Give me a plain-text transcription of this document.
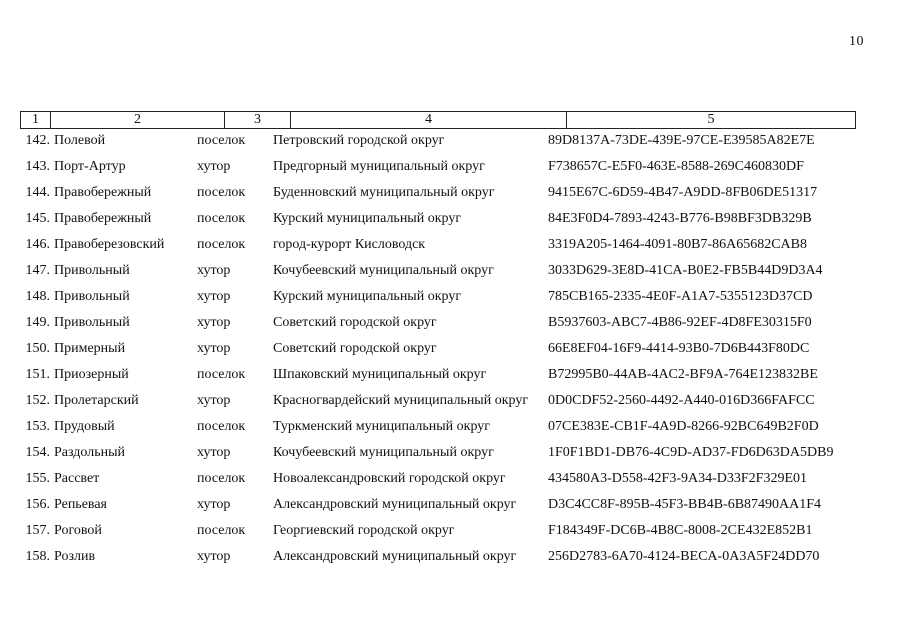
10
1	2	3	4	5
142. Полевой	поселок Петровский городской округ	89D8137A-73DE-439E-97CE-E39585A82E7E
143. Порт-Артур	хутор	Предгорный муниципальный округ	F738657C-E5F0-463E-8588-269C460830DF
144. Правобережный	поселок Буденновский муниципальный округ	9415E67C-6D59-4B47-A9DD-8FB06DE51317
145. Правобережный	поселок Курский муниципальный округ	84E3F0D4-7893-4243-B776-B98BF3DB329B
146. Правоберезовский поселок город-курорт Кисловодск	3319A205-1464-4091-80B7-86A65682CAB8
147. Привольный	хутор	Кочубеевский муниципальный округ	3033D629-3E8D-41CA-B0E2-FB5B44D9D3A4
148. Привольный	хутор	Курский муниципальный округ	785CB165-2335-4E0F-A1A7-5355123D37CD
149. Привольный	хутор	Советский городской округ	B5937603-ABC7-4B86-92EF-4D8FE30315F0
150. Примерный	хутор	Советский городской округ	66E8EF04-16F9-4414-93B0-7D6B443F80DC
151. Приозерный	поселок Шпаковский муниципальный округ	B72995B0-44AB-4AC2-BF9A-764E123832BE
152. Пролетарский	хутор	Красногвардейский муниципальный округ 0D0CDF52-2560-4492-A440-016D366FAFCC
153. Прудовый	поселок Туркменский муниципальный округ	07CE383E-CB1F-4A9D-8266-92BC649B2F0D
154. Раздольный	хутор	Кочубеевский муниципальный округ	1F0F1BD1-DB76-4C9D-AD37-FD6D63DA5DB9
155. Рассвет	поселок Новоалександровский городской округ	434580A3-D558-42F3-9A34-D33F2F329E01
156. Репьевая	хутор	Александровский муниципальный округ D3C4CC8F-895B-45F3-BB4B-6B87490AA1F4
157. Роговой	поселок Георгиевский городской округ	F184349F-DC6B-4B8C-8008-2CE432E852B1
158. Розлив	хутор	Александровский муниципальный округ 256D2783-6A70-4124-BECA-0A3A5F24DD70
